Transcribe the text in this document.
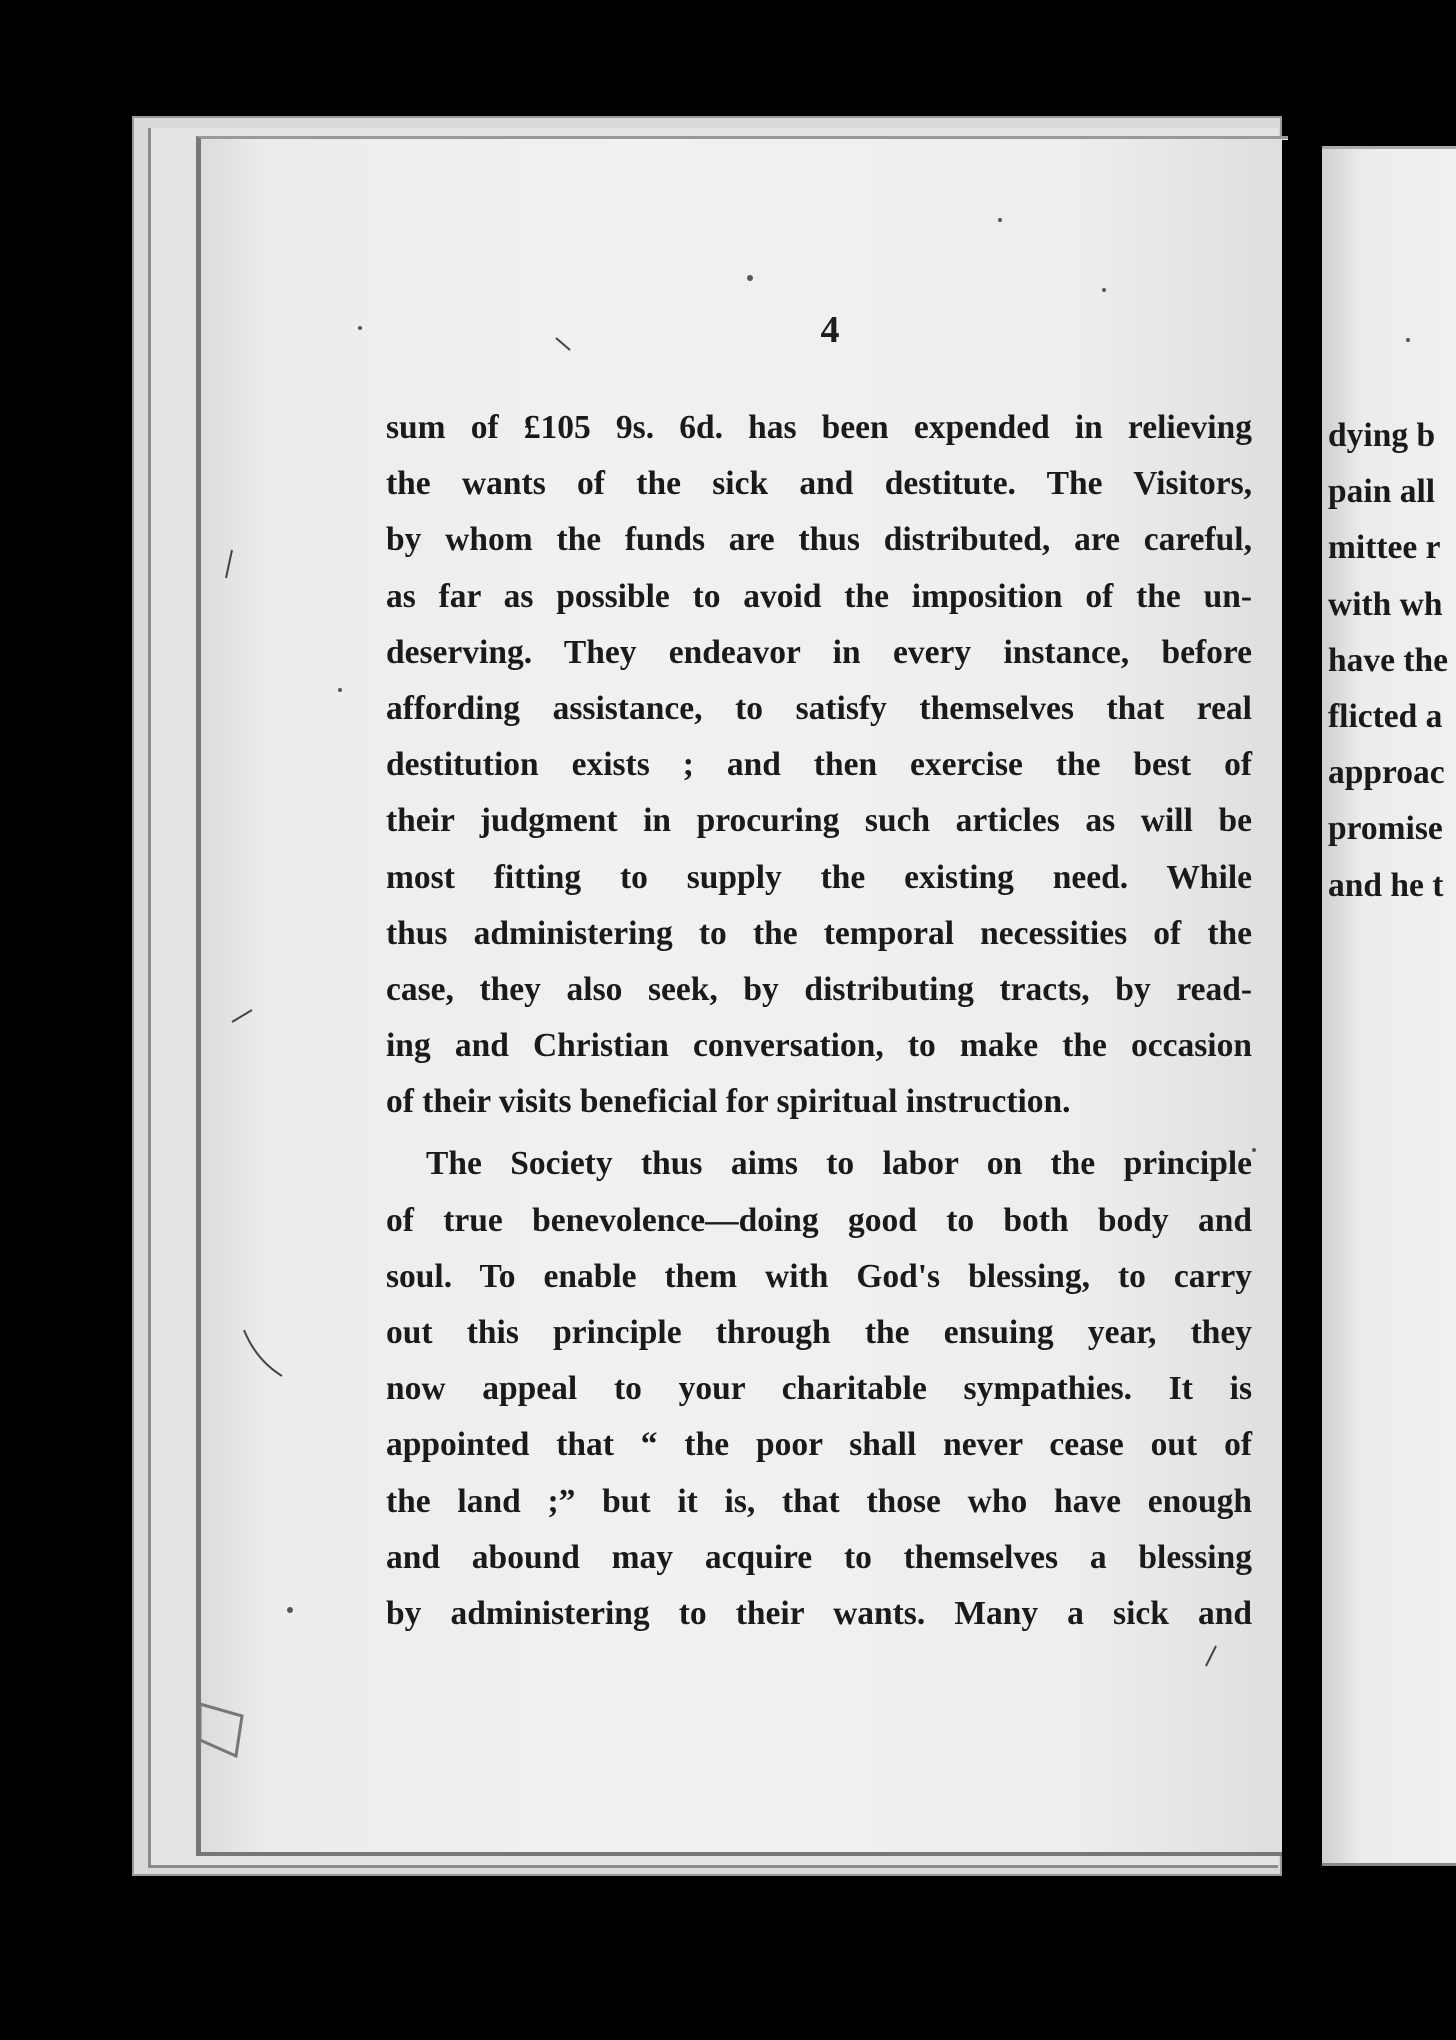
4
sum of £105 9s. 6d. has been expended in relieving
the wants of the sick and destitute. The Visitors,
by whom the funds are thus distributed, are careful,
as far as possible to avoid the imposition of the un-
deserving. They endeavor in every instance, before
affording assistance, to satisfy themselves that real
destitution exists ; and then exercise the best of
their judgment in procuring such articles as will be
most fitting to supply the existing need. While
thus administering to the temporal necessities of the
case, they also seek, by distributing tracts, by read-
ing and Christian conversation, to make the occasion
of their visits beneficial for spiritual instruction.
The Society thus aims to labor on the principle
of true benevolence—doing good to both body and
soul. To enable them with God's blessing, to carry
out this principle through the ensuing year, they
now appeal to your charitable sympathies. It is
appointed that “ the poor shall never cease out of
the land ;” but it is, that those who have enough
and abound may acquire to themselves a blessing
by administering to their wants. Many a sick and
dying b
pain all
mittee r
with wh
have the
flicted a
approac
promise
and he t
